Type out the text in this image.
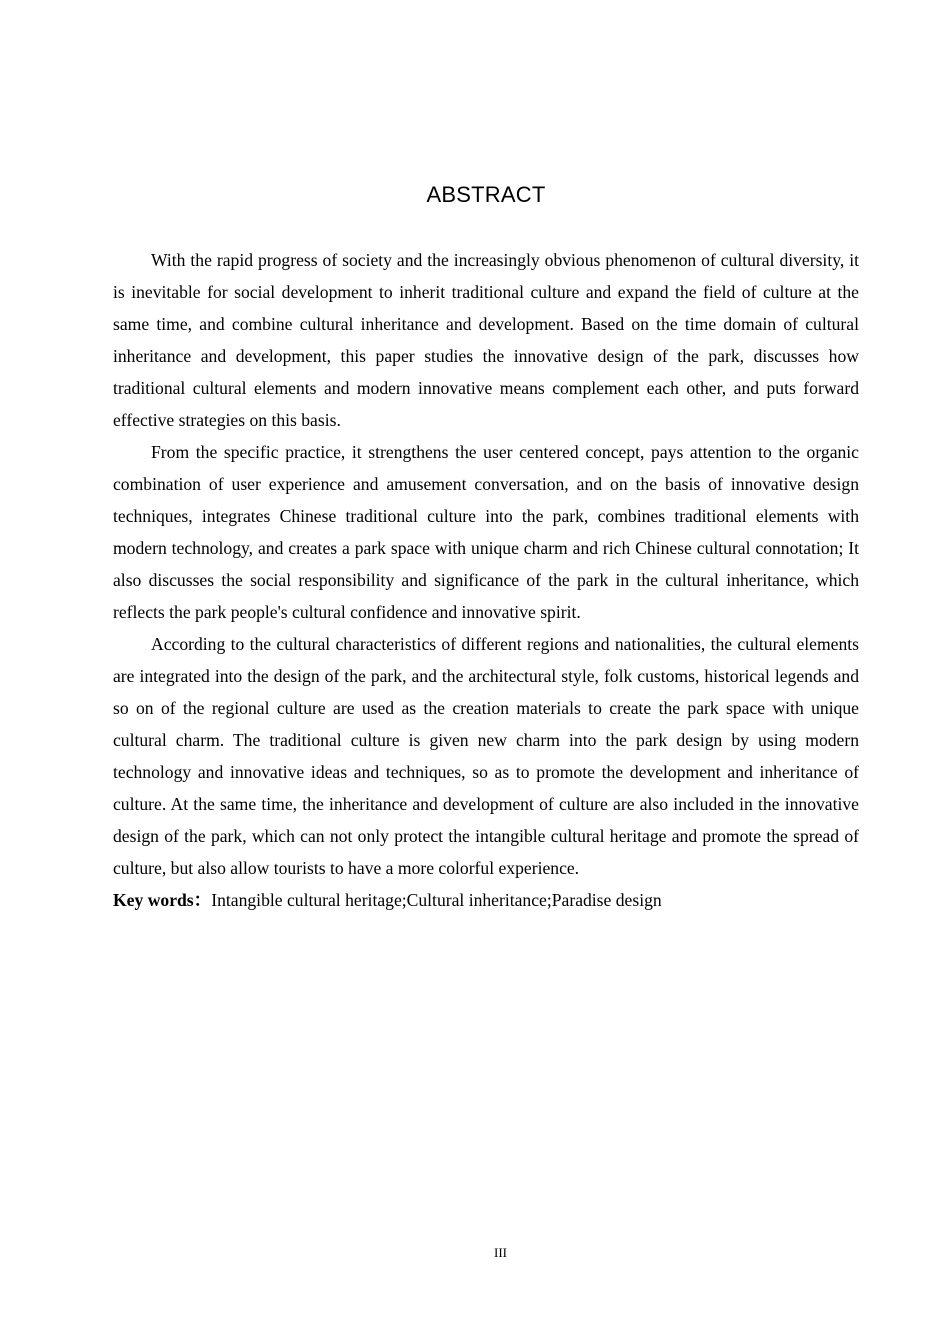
ABSTRACT

With the rapid progress of society and the increasingly obvious phenomenon of cultural diversity, it is inevitable for social development to inherit traditional culture and expand the field of culture at the same time, and combine cultural inheritance and development. Based on the time domain of cultural inheritance and development, this paper studies the innovative design of the park, discusses how traditional cultural elements and modern innovative means complement each other, and puts forward effective strategies on this basis.

From the specific practice, it strengthens the user centered concept, pays attention to the organic combination of user experience and amusement conversation, and on the basis of innovative design techniques, integrates Chinese traditional culture into the park, combines traditional elements with modern technology, and creates a park space with unique charm and rich Chinese cultural connotation; It also discusses the social responsibility and significance of the park in the cultural inheritance, which reflects the park people's cultural confidence and innovative spirit.

According to the cultural characteristics of different regions and nationalities, the cultural elements are integrated into the design of the park, and the architectural style, folk customs, historical legends and so on of the regional culture are used as the creation materials to create the park space with unique cultural charm. The traditional culture is given new charm into the park design by using modern technology and innovative ideas and techniques, so as to promote the development and inheritance of culture. At the same time, the inheritance and development of culture are also included in the innovative design of the park, which can not only protect the intangible cultural heritage and promote the spread of culture, but also allow tourists to have a more colorful experience.

Key words：Intangible cultural heritage;Cultural inheritance;Paradise design

III
